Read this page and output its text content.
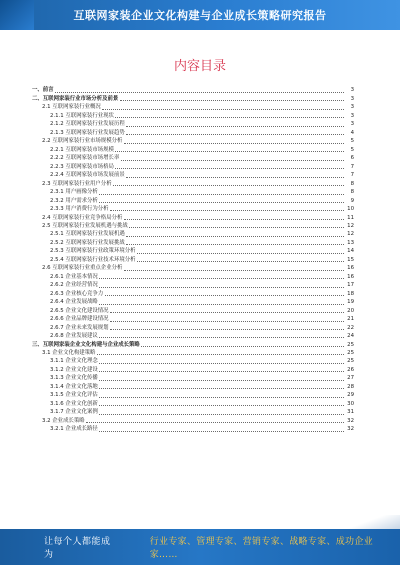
互联网家装企业文化构建与企业成长策略研究报告
内容目录
一、前言	3
二、互联网家装行业市场分析及前景	3
2.1 互联网家装行业概况	3
2.1.1 互联网家装行业现状	3
2.1.2 互联网家装行业发展历程	3
2.1.3 互联网家装行业发展趋势	4
2.2 互联网家装行业市场规模分析	5
2.2.1 互联网家装市场规模	5
2.2.2 互联网家装市场增长率	6
2.2.3 互联网家装市场格局	7
2.2.4 互联网家装市场发展前景	7
2.3 互联网家装行业用户分析	8
2.3.1 用户画像分析	8
2.3.2 用户需求分析	9
2.3.3 用户消费行为分析	10
2.4 互联网家装行业竞争格局分析	11
2.5 互联网家装行业发展机遇与挑战	12
2.5.1 互联网家装行业发展机遇	12
2.5.2 互联网家装行业发展挑战	13
2.5.3 互联网家装行业政策环境分析	14
2.5.4 互联网家装行业技术环境分析	15
2.6 互联网家装行业重点企业分析	16
2.6.1 企业基本情况	16
2.6.2 企业经营情况	17
2.6.3 企业核心竞争力	18
2.6.4 企业发展战略	19
2.6.5 企业文化建设情况	20
2.6.6 企业品牌建设情况	21
2.6.7 企业未来发展规划	22
2.6.8 企业发展建议	24
三、互联网家装企业文化构建与企业成长策略	25
3.1 企业文化构建策略	25
3.1.1 企业文化理念	25
3.1.2 企业文化建设	26
3.1.3 企业文化传播	27
3.1.4 企业文化落地	28
3.1.5 企业文化评估	29
3.1.6 企业文化创新	30
3.1.7 企业文化案例	31
3.2 企业成长策略	32
3.2.1 企业成长路径	32
让每个人都能成为
行业专家、管理专家、营销专家、战略专家、成功企业家……
